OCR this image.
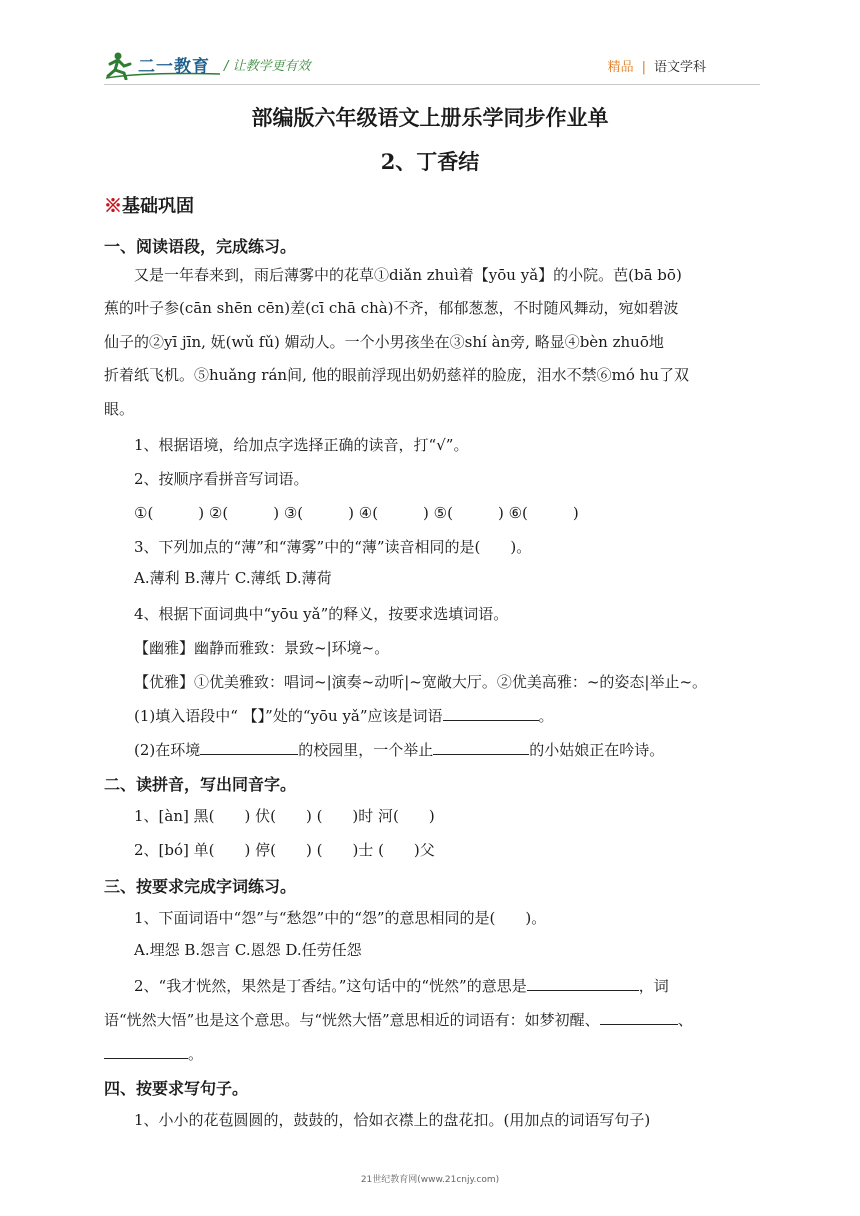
二一教育 / 让教学更有效	精品 | 语文学科
部编版六年级语文上册乐学同步作业单
2、丁香结
※基础巩固
一、阅读语段，完成练习。
又是一年春来到，雨后薄雾中的花草①diǎn zhuì着【yōu yǎ】的小院。芭(bā bō)
蕉的叶子参(cān shēn cēn)差(cī chā chà)不齐，郁郁葱葱，不时随风舞动，宛如碧波
仙子的②yī jīn, 妩(wǔ fǔ) 媚动人。一个小男孩坐在③shí àn旁, 略显④bèn zhuō地
折着纸飞机。⑤huǎng rán间, 他的眼前浮现出奶奶慈祥的脸庞，泪水不禁⑥mó hu了双
眼。
1、根据语境，给加点字选择正确的读音，打“√”。
2、按顺序看拼音写词语。
①(　　　) ②(　　　) ③(　　　) ④(　　　) ⑤(　　　) ⑥(　　　)
3、下列加点的“薄”和“薄雾”中的“薄”读音相同的是(　　)。
A.薄利 B.薄片 C.薄纸 D.薄荷
4、根据下面词典中“yōu yǎ”的释义，按要求选填词语。
【幽雅】幽静而雅致：景致~|环境~。
【优雅】①优美雅致：唱词~|演奏~动听|~宽敞大厅。②优美高雅：~的姿态|举止~。
(1)填入语段中“ 【】”处的“yōu yǎ”应该是词语	。
(2)在环境	的校园里，一个举止	的小姑娘正在吟诗。
二、读拼音，写出同音字。
1、[àn] 黑(　　) 伏(　　) (　　)时 河(　　)
2、[bó] 单(　　) 停(　　) (　　)士 (　　)父
三、按要求完成字词练习。
1、下面词语中“怨”与“愁怨”中的“怨”的意思相同的是(　　)。
A.埋怨 B.怨言 C.恩怨 D.任劳任怨
2、“我才恍然，果然是丁香结。”这句话中的“恍然”的意思是	，词
语“恍然大悟”也是这个意思。与“恍然大悟”意思相近的词语有：如梦初醒、	、
。
四、按要求写句子。
1、小小的花苞圆圆的，鼓鼓的，恰如衣襟上的盘花扣。(用加点的词语写句子)
21世纪教育网(www.21cnjy.com)
